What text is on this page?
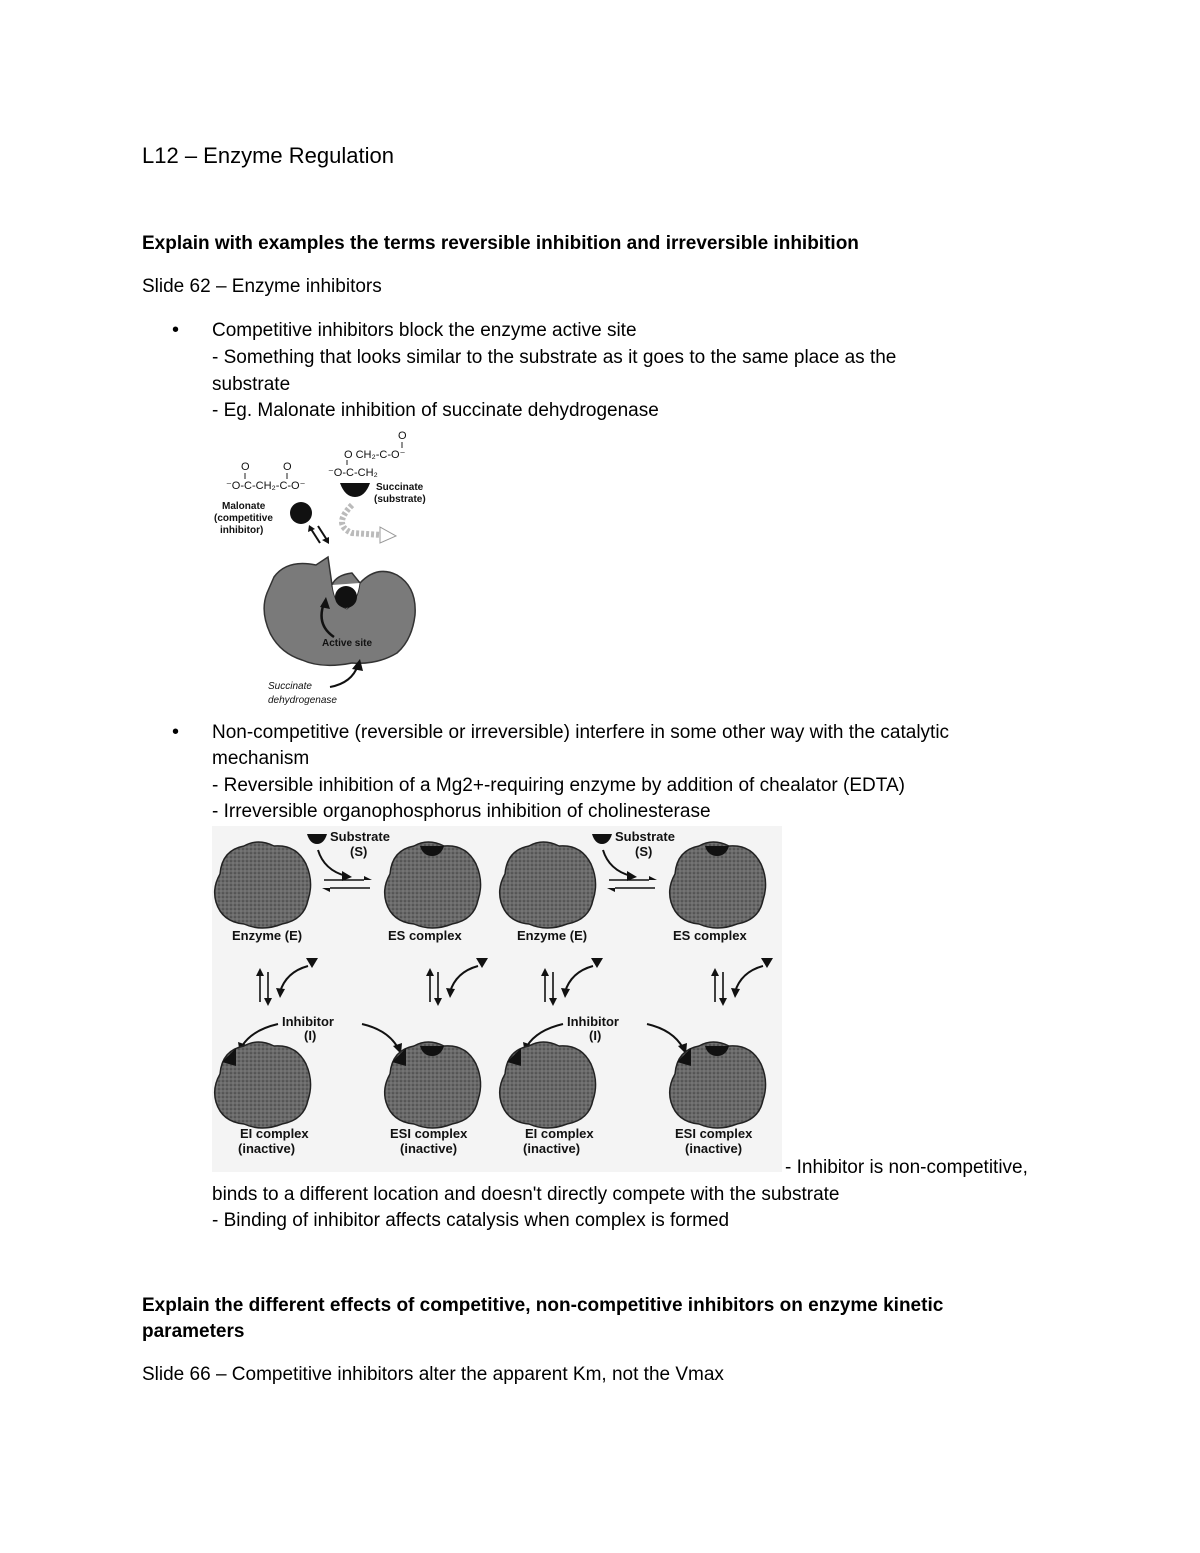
L12 – Enzyme Regulation
Explain with examples the terms reversible inhibition and irreversible inhibition
Slide 62 – Enzyme inhibitors
• Competitive inhibitors block the enzyme active site
- Something that looks similar to the substrate as it goes to the same place as the
substrate
- Eg. Malonate inhibition of succinate dehydrogenase
O	O
⁻O-C-CH₂-C-O⁻
Malonate
(competitive
inhibitor)
O
O CH₂-C-O⁻
⁻O-C-CH₂
Succinate
(substrate)
Active site
Succinate
dehydrogenase
• Non-competitive (reversible or irreversible) interfere in some other way with the catalytic
mechanism
- Reversible inhibition of a Mg2+-requiring enzyme by addition of chealator (EDTA)
- Irreversible organophosphorus inhibition of cholinesterase
Substrate
(S)
Enzyme (E)	ES complex
Inhibitor
(I)
EI complex
(inactive)
ESI complex
(inactive)
Substrate
(S)
Enzyme (E)	ES complex
Inhibitor
(I)
EI complex
(inactive)
ESI complex
(inactive)
- Inhibitor is non-competitive,
binds to a different location and doesn't directly compete with the substrate
- Binding of inhibitor affects catalysis when complex is formed
Explain the different effects of competitive, non-competitive inhibitors on enzyme kinetic
parameters
Slide 66 – Competitive inhibitors alter the apparent Km, not the Vmax
